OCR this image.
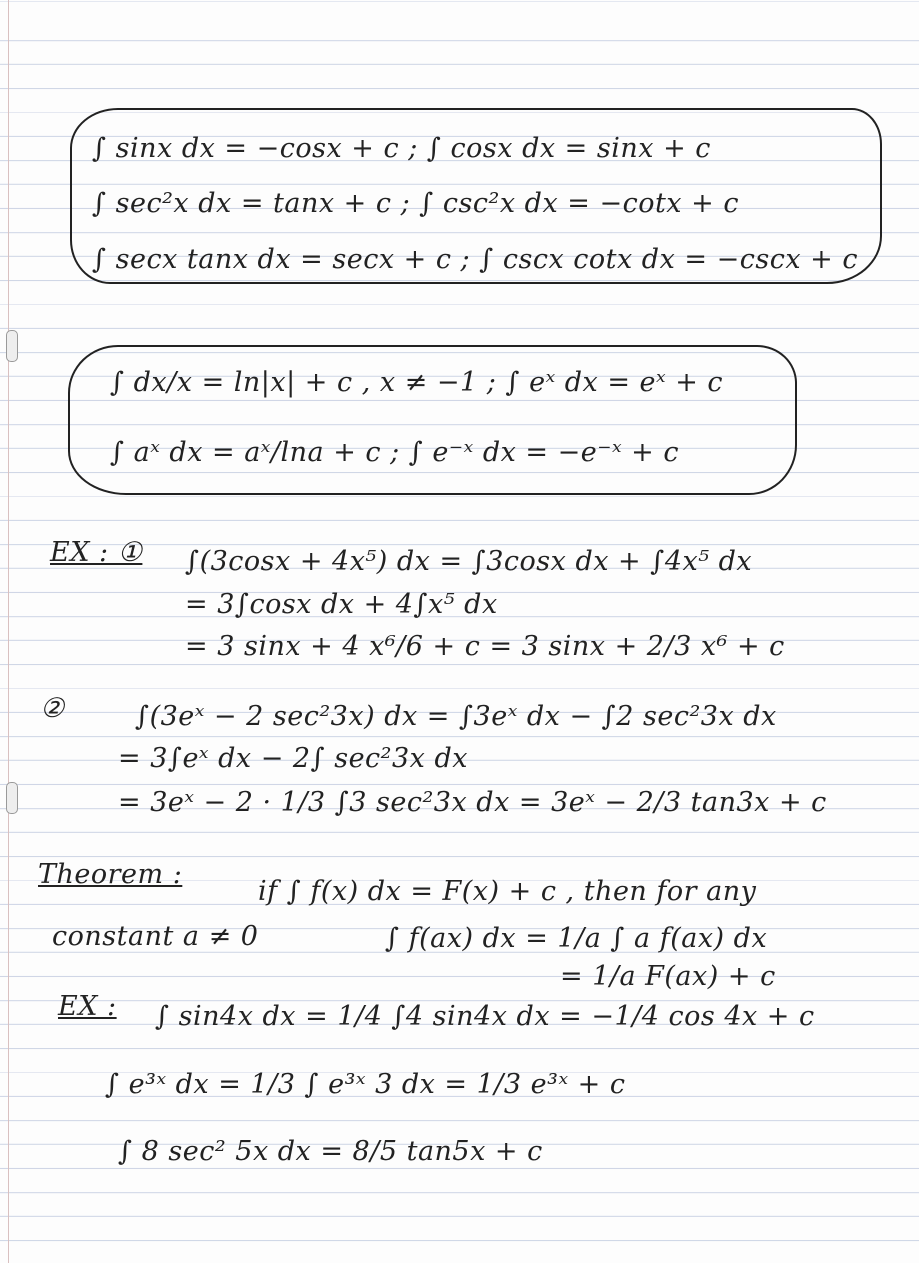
∫ sinx dx = −cosx + c ; ∫ cosx dx = sinx + c

∫ sec²x dx = tanx + c ; ∫ csc²x dx = −cotx + c

∫ secx tanx dx = secx + c ; ∫ cscx cotx dx = −cscx + c

∫ dx/x = ln|x| + c , x ≠ −1 ; ∫ eˣ dx = eˣ + c

∫ aˣ dx = aˣ/lna + c ; ∫ e⁻ˣ dx = −e⁻ˣ + c

EX : ① ∫(3cosx + 4x⁵) dx = ∫3cosx dx + ∫4x⁵ dx

= 3∫cosx dx + 4∫x⁵ dx

= 3 sinx + 4 x⁶/6 + c = 3 sinx + 2/3 x⁶ + c

②	∫(3eˣ − 2 sec²3x) dx = ∫3eˣ dx − ∫2 sec²3x dx

= 3∫eˣ dx − 2∫ sec²3x dx

= 3eˣ − 2 · 1/3 ∫3 sec²3x dx = 3eˣ − 2/3 tan3x + c

Theorem :

if ∫ f(x) dx = F(x) + c , then for any

constant a ≠ 0	∫ f(ax) dx = 1/a ∫ a f(ax) dx

= 1/a F(ax) + c

EX : ∫ sin4x dx = 1/4 ∫4 sin4x dx = −1/4 cos 4x + c

∫ e³ˣ dx = 1/3 ∫ e³ˣ 3 dx = 1/3 e³ˣ + c

∫ 8 sec² 5x dx = 8/5 tan5x + c
